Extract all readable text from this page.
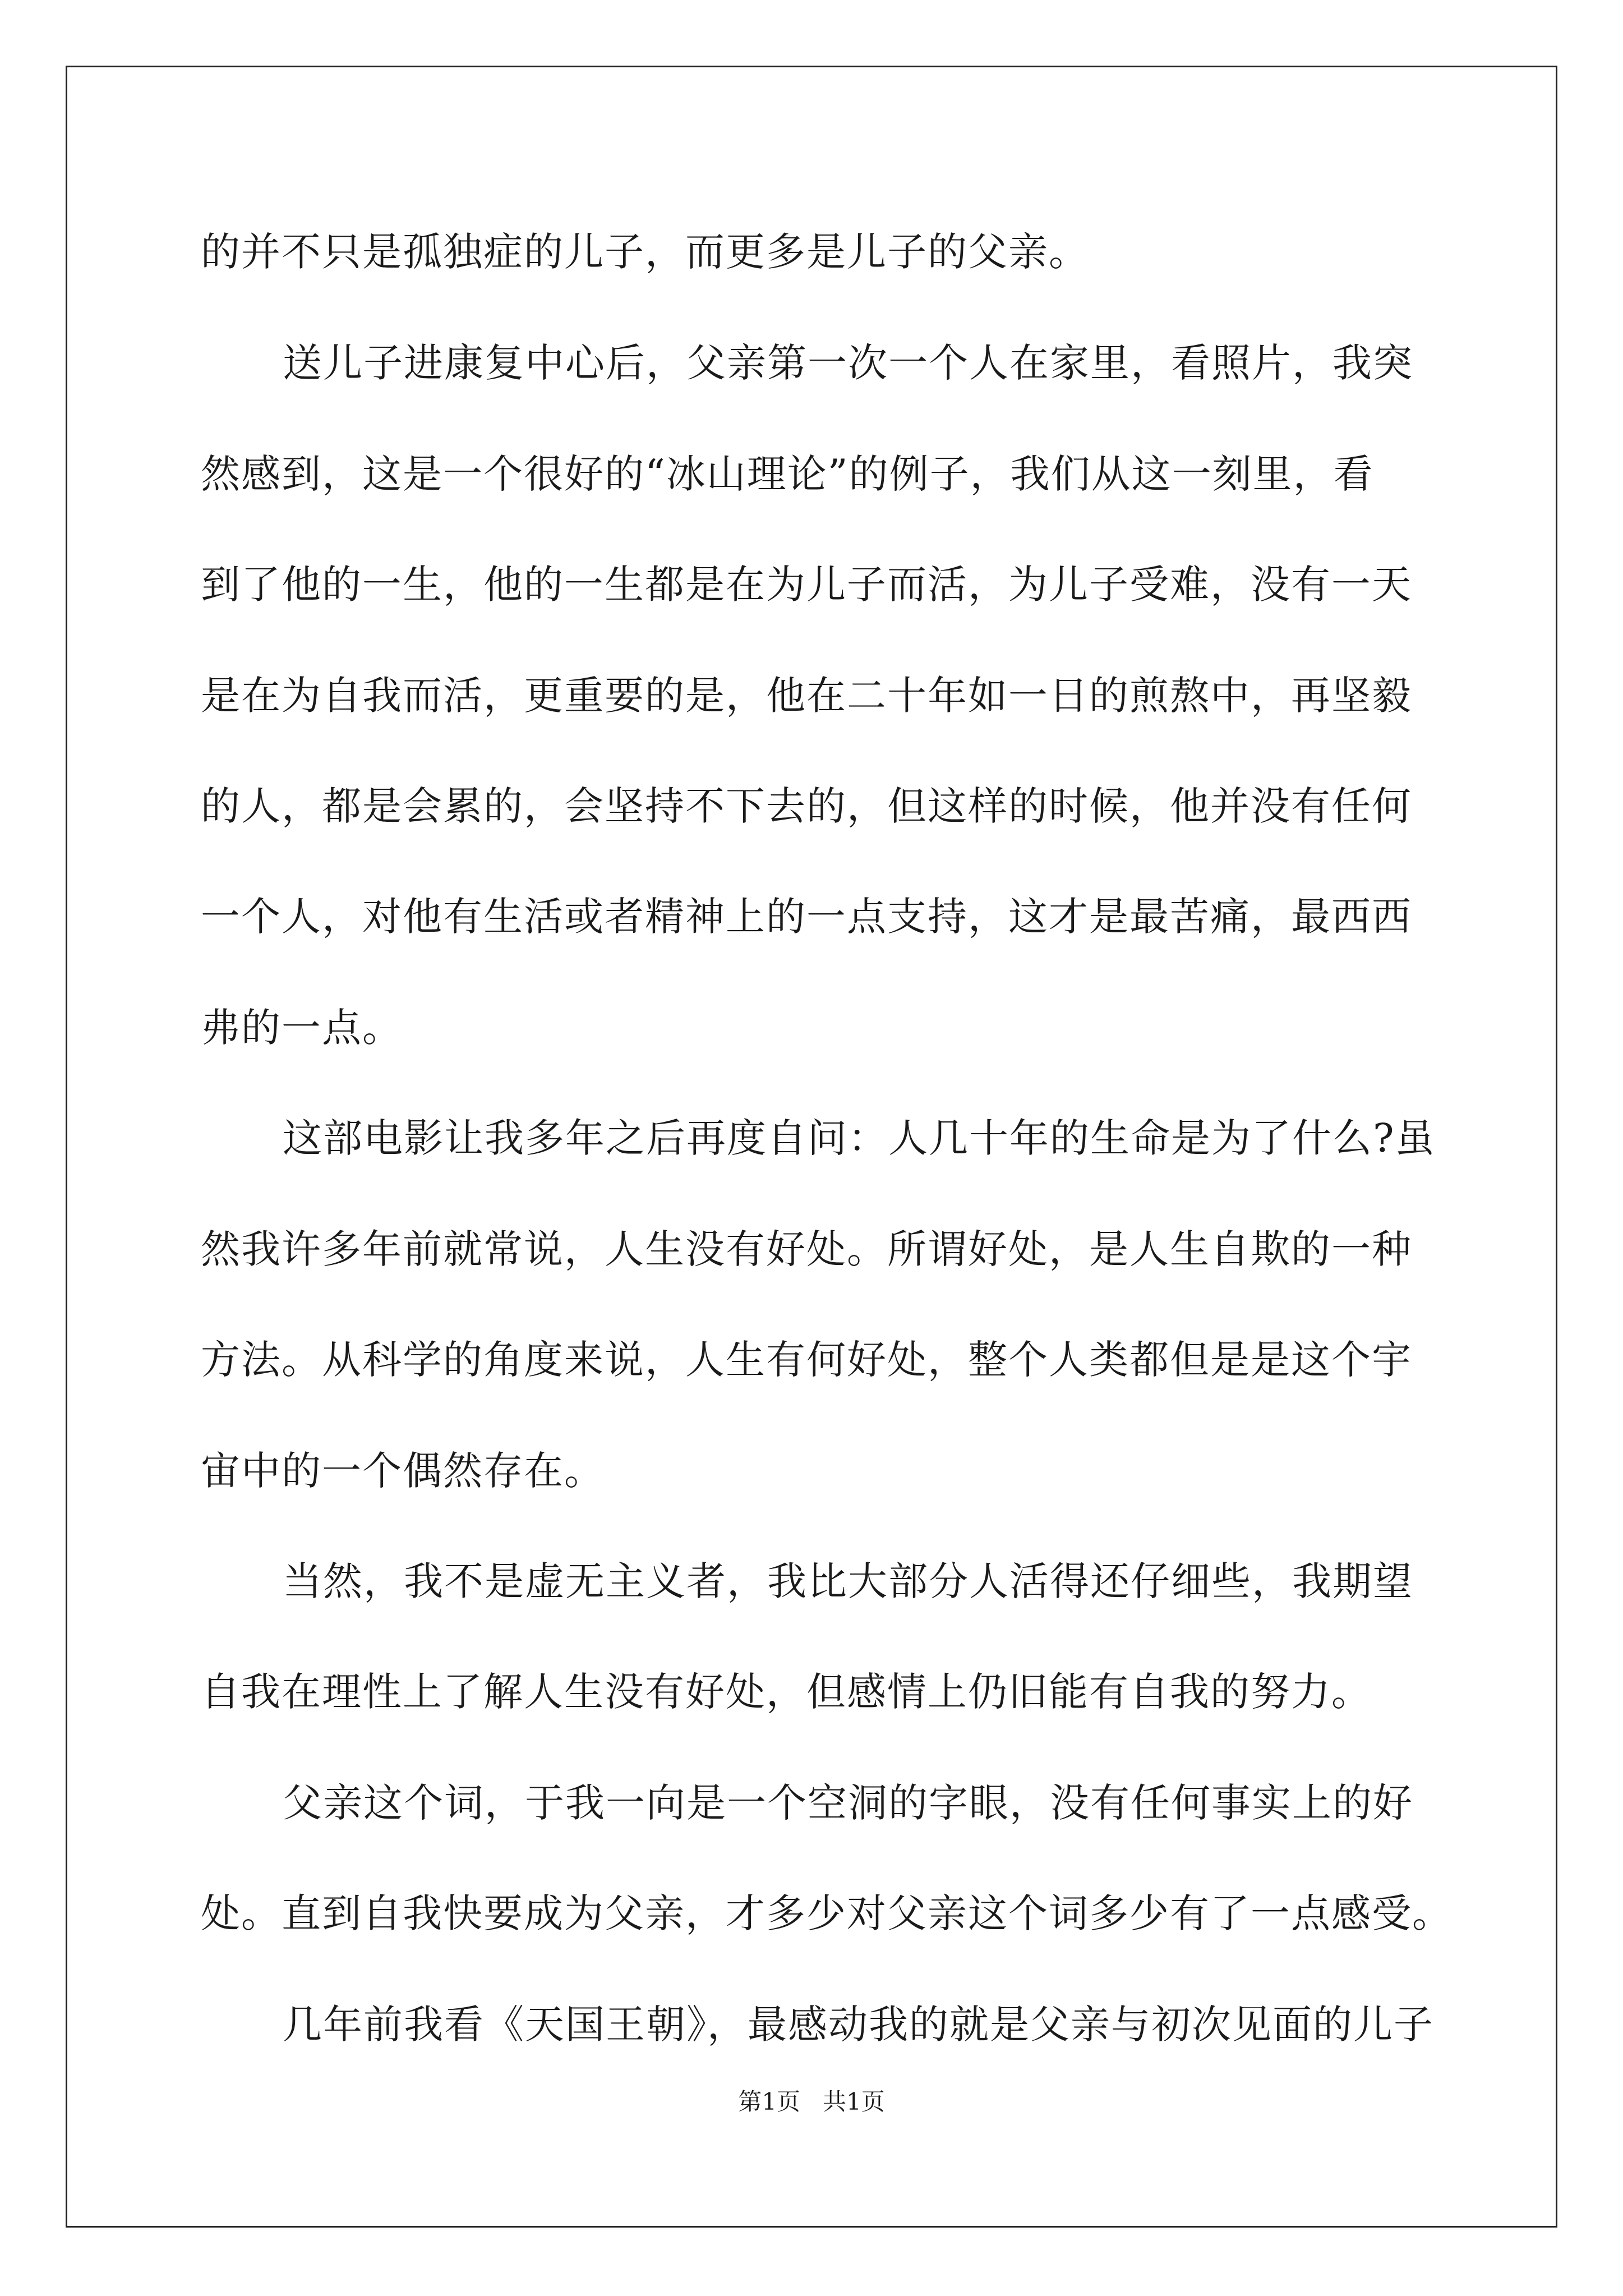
的并不只是孤独症的儿子，而更多是儿子的父亲。
送儿子进康复中心后，父亲第一次一个人在家里，看照片，我突
然感到，这是一个很好的“冰山理论”的例子，我们从这一刻里，看
到了他的一生，他的一生都是在为儿子而活，为儿子受难，没有一天
是在为自我而活，更重要的是，他在二十年如一日的煎熬中，再坚毅
的人，都是会累的，会坚持不下去的，但这样的时候，他并没有任何
一个人，对他有生活或者精神上的一点支持，这才是最苦痛，最西西
弗的一点。
这部电影让我多年之后再度自问：人几十年的生命是为了什么?虽
然我许多年前就常说，人生没有好处。所谓好处，是人生自欺的一种
方法。从科学的角度来说，人生有何好处，整个人类都但是是这个宇
宙中的一个偶然存在。
当然，我不是虚无主义者，我比大部分人活得还仔细些，我期望
自我在理性上了解人生没有好处，但感情上仍旧能有自我的努力。
父亲这个词，于我一向是一个空洞的字眼，没有任何事实上的好
处。直到自我快要成为父亲，才多少对父亲这个词多少有了一点感受。
几年前我看《天国王朝》，最感动我的就是父亲与初次见面的儿子
第1页   共1页
